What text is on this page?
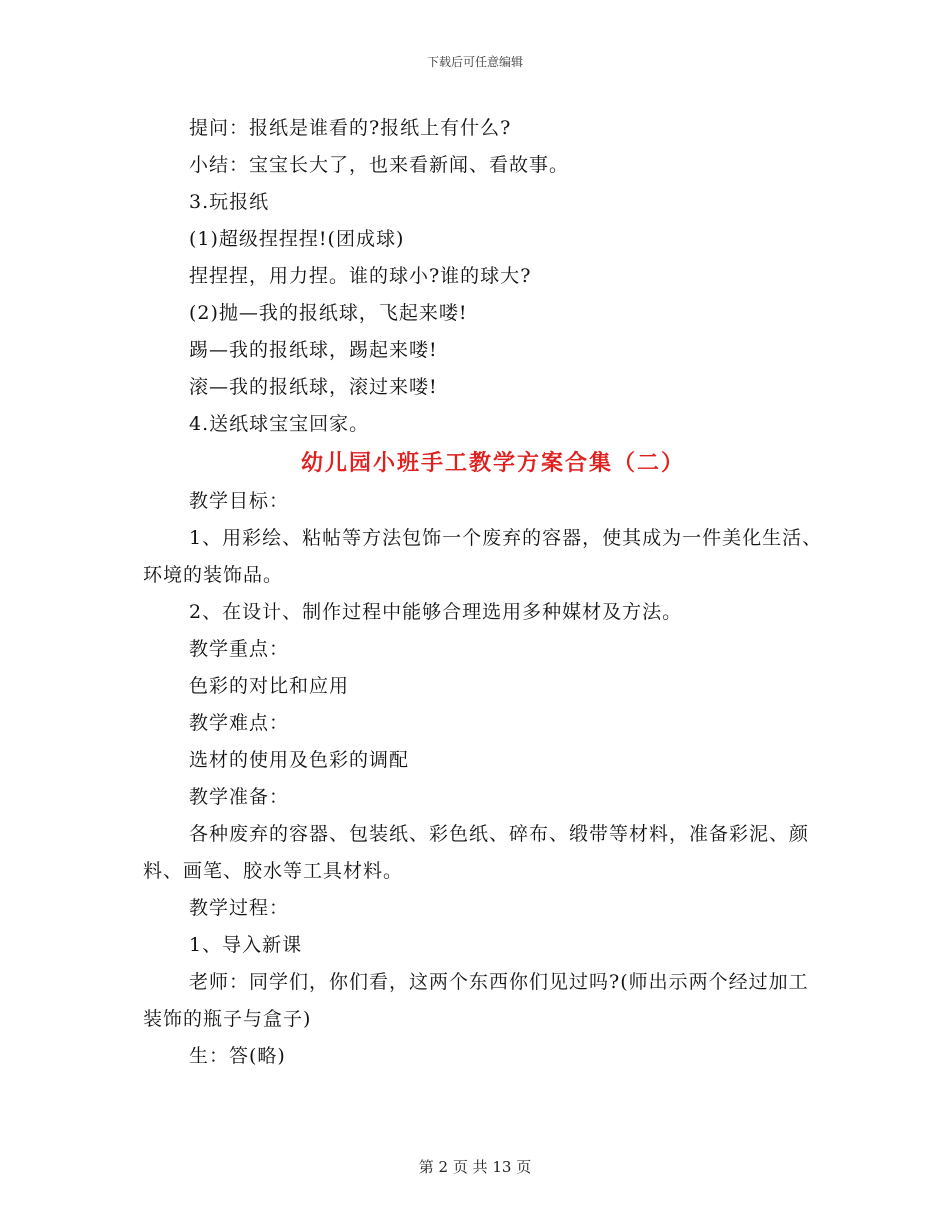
下载后可任意编辑
提问：报纸是谁看的?报纸上有什么?
小结：宝宝长大了，也来看新闻、看故事。
3.玩报纸
(1)超级捏捏捏!(团成球)
捏捏捏，用力捏。谁的球小?谁的球大?
(2)抛—我的报纸球，飞起来喽!
踢—我的报纸球，踢起来喽!
滚—我的报纸球，滚过来喽!
4.送纸球宝宝回家。
幼儿园小班手工教学方案合集（二）
教学目标：
1、用彩绘、粘帖等方法包饰一个废弃的容器，使其成为一件美化生活、环境的装饰品。
2、在设计、制作过程中能够合理选用多种媒材及方法。
教学重点：
色彩的对比和应用
教学难点：
选材的使用及色彩的调配
教学准备：
各种废弃的容器、包装纸、彩色纸、碎布、缎带等材料，准备彩泥、颜料、画笔、胶水等工具材料。
教学过程：
1、导入新课
老师：同学们，你们看，这两个东西你们见过吗?(师出示两个经过加工装饰的瓶子与盒子)
生：答(略)
第 2 页 共 13 页
